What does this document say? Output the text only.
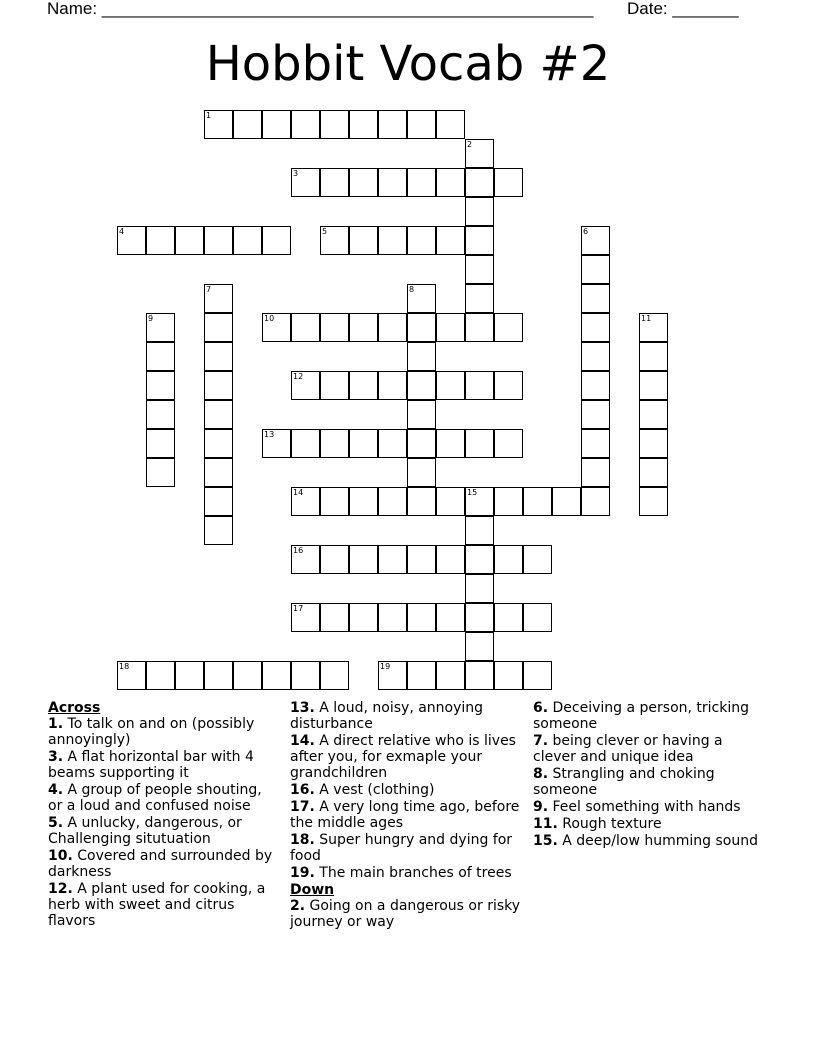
Name: ____________________________________________________ Date: _______
Hobbit Vocab #2
1
3
4	5
10
12
13
14	15
16
17
18	19
2
6
7	8
9	11
Across
1. To talk on and on (possibly annoyingly)
3. A flat horizontal bar with 4 beams supporting it
4. A group of people shouting, or a loud and confused noise
5. A unlucky, dangerous, or Challenging situtuation
10. Covered and surrounded by darkness
12. A plant used for cooking, a herb with sweet and citrus flavors
13. A loud, noisy, annoying disturbance
14. A direct relative who is lives after you, for exmaple your grandchildren
16. A vest (clothing)
17. A very long time ago, before the middle ages
18. Super hungry and dying for food
19. The main branches of trees
Down
2. Going on a dangerous or risky journey or way
6. Deceiving a person, tricking someone
7. being clever or having a clever and unique idea
8. Strangling and choking someone
9. Feel something with hands
11. Rough texture
15. A deep/low humming sound
